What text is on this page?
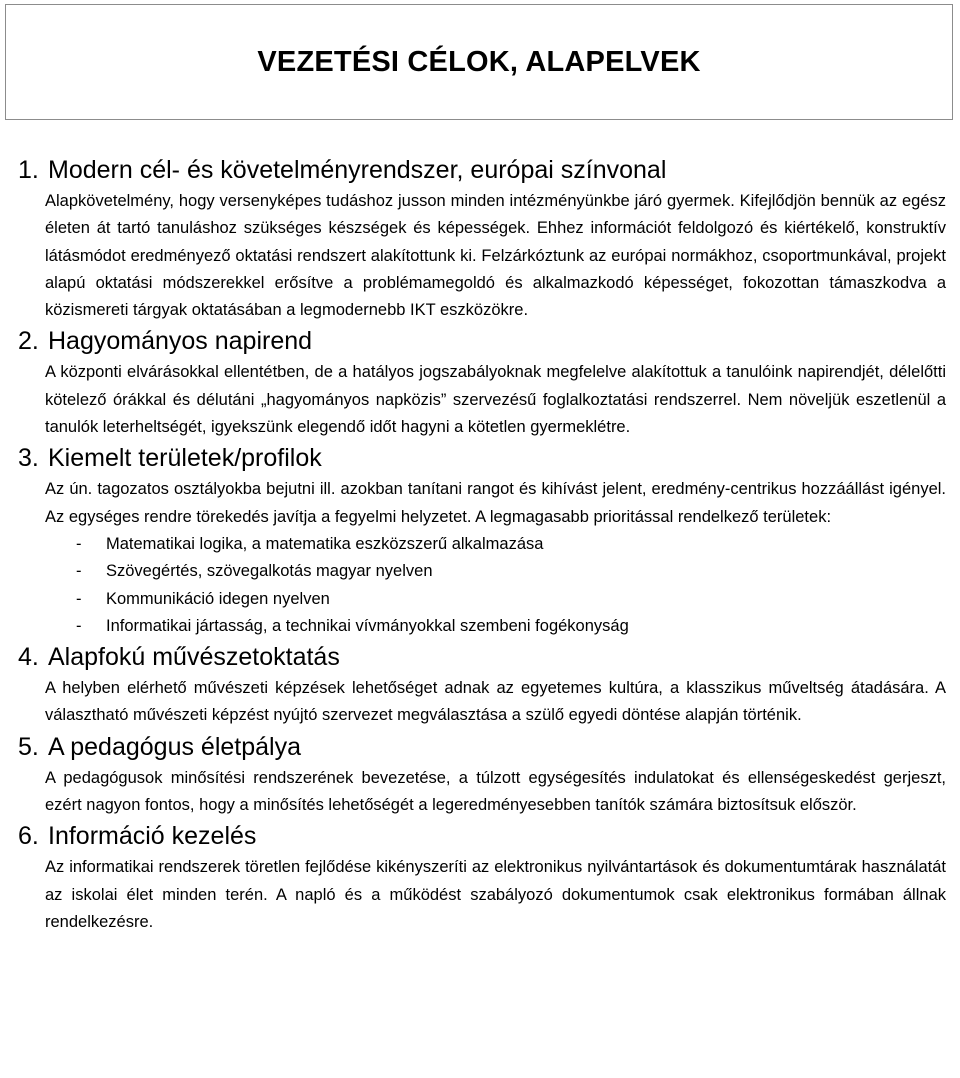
VEZETÉSI CÉLOK, ALAPELVEK
1. Modern cél- és követelményrendszer, európai színvonal

Alapkövetelmény, hogy versenyképes tudáshoz jusson minden intézményünkbe járó gyermek. Kifejlődjön bennük az egész életen át tartó tanuláshoz szükséges készségek és képességek. Ehhez információt feldolgozó és kiértékelő, konstruktív látásmódot eredményező oktatási rendszert alakítottunk ki. Felzárkóztunk az európai normákhoz, csoportmunkával, projekt alapú oktatási módszerekkel erősítve a problémamegoldó és alkalmazkodó képességet, fokozottan támaszkodva a közismereti tárgyak oktatásában a legmodernebb IKT eszközökre.

2. Hagyományos napirend

A központi elvárásokkal ellentétben, de a hatályos jogszabályoknak megfelelve alakítottuk a tanulóink napirendjét, délelőtti kötelező órákkal és délutáni „hagyományos napközis” szervezésű foglalkoztatási rendszerrel. Nem növeljük eszetlenül a tanulók leterheltségét, igyekszünk elegendő időt hagyni a kötetlen gyermeklétre.

3. Kiemelt területek/profilok

Az ún. tagozatos osztályokba bejutni ill. azokban tanítani rangot és kihívást jelent, eredmény-centrikus hozzáállást igényel. Az egységes rendre törekedés javítja a fegyelmi helyzetet. A legmagasabb prioritással rendelkező területek:

-	Matematikai logika, a matematika eszközszerű alkalmazása
-	Szövegértés, szövegalkotás magyar nyelven
-	Kommunikáció idegen nyelven
-	Informatikai jártasság, a technikai vívmányokkal szembeni fogékonyság
4. Alapfokú művészetoktatás

A helyben elérhető művészeti képzések lehetőséget adnak az egyetemes kultúra, a klasszikus műveltség átadására. A választható művészeti képzést nyújtó szervezet megválasztása a szülő egyedi döntése alapján történik.

5. A pedagógus életpálya

A pedagógusok minősítési rendszerének bevezetése, a túlzott egységesítés indulatokat és ellenségeskedést gerjeszt, ezért nagyon fontos, hogy a minősítés lehetőségét a legeredményesebben tanítók számára biztosítsuk először.

6. Információ kezelés

Az informatikai rendszerek töretlen fejlődése kikényszeríti az elektronikus nyilvántartások és dokumentumtárak használatát az iskolai élet minden terén. A napló és a működést szabályozó dokumentumok csak elektronikus formában állnak rendelkezésre.
